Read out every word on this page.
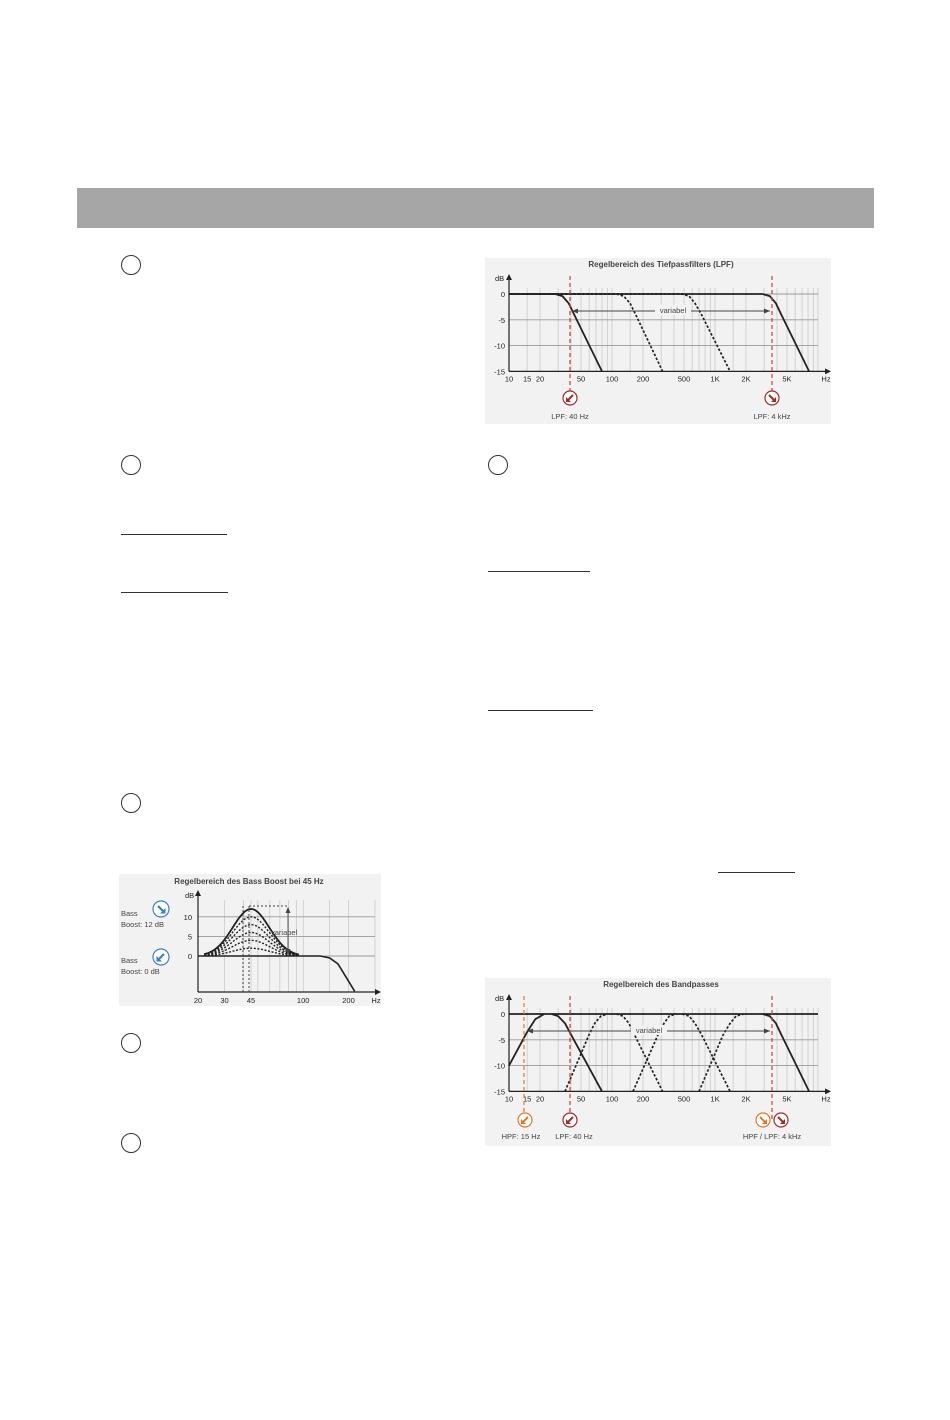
Regelbereich des Tiefpassfilters (LPF)
dB
0
-5
-10
-15
10 15 20	50	100 200	500	1K	2K	5K	Hz
variabel
LPF: 40 Hz	LPF: 4 kHz
Regelbereich des Bass Boost bei 45 Hz
dB
10
5
0
20 30 45	100	200 Hz
variabel
Bass
Boost: 12 dB
Bass
Boost: 0 dB
Regelbereich des Bandpasses
dB
0
-5
-10
-15
10 15 20	50	100 200	500	1K	2K	5K	Hz
variabel
HPF: 15 Hz LPF: 40 Hz	HPF / LPF: 4 kHz
